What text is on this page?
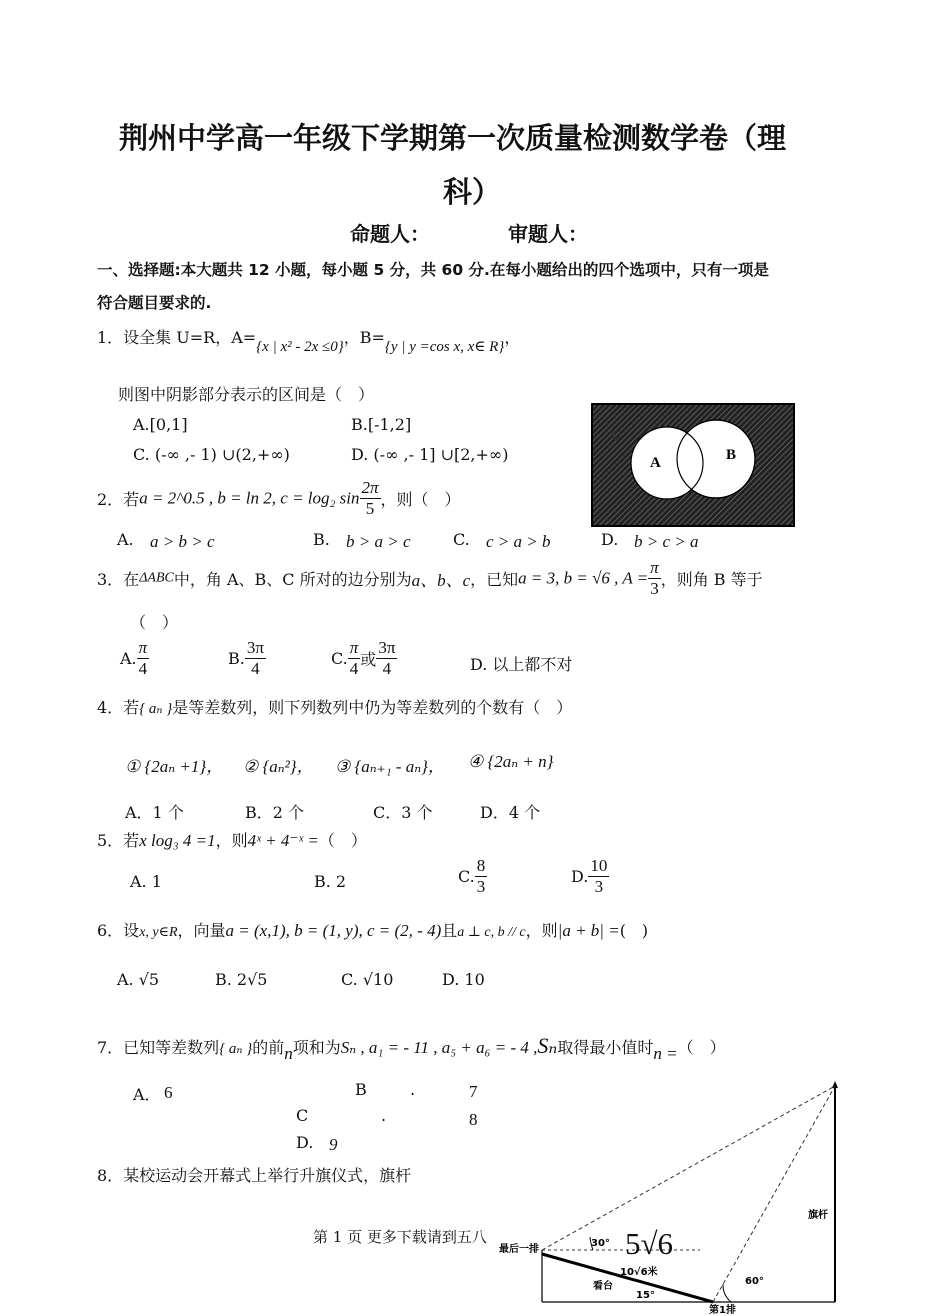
荆州中学高一年级下学期第一次质量检测数学卷（理
科）
命题人：	审题人：
一、选择题:本大题共 12 小题，每小题 5 分，共 60 分.在每小题给出的四个选项中，只有一项是
符合题目要求的.
1．设全集 U=R，A={x | x² - 2x ≤0}，B={y | y =cos x, x∈ R}，
则图中阴影部分表示的区间是（　）
A.[0,1]	B.[-1,2]
C. (-∞ ,- 1) ∪(2,+∞)	D. (-∞ ,- 1] ∪[2,+∞)
U
A	B
2．若a = 2^0.5 , b = ln 2, c = log₂ $\sin \frac{2\pi}{5}$ ，则（　）
A. a > b > c	B. b > a > c	C. c > a > b	D. b > c > a
3．在ΔABC中，角 A、B、C 所对的边分别为a、b、c，已知a = 3, b = √6 , $A = \frac{\pi}{3}$ ，则角 B 等于
（　）
A. $\frac{\pi}{4}$	B. $\frac{3\pi}{4}$	C. $\frac{\pi}{4}$ 或 $\frac{3\pi}{4}$	D. 以上都不对
4．若{ aₙ }是等差数列，则下列数列中仍为等差数列的个数有（　）
① {2aₙ +1}， ② {aₙ²}， ③ {aₙ₊₁ - aₙ}， ④ {2aₙ + n}
A．1 个	B．2 个	C．3 个	D．4 个
5．若x log₃ 4 =1，则4ˣ + 4⁻ˣ =（　）
A. 1	B. 2	C. $\frac{8}{3}$	D. $\frac{10}{3}$
6．设x, y∈R，向量a = (x,1), b = (1, y), c = (2, - 4)且a ⊥ c, b // c，则|a + b| =(　)
A. √5	B. 2√5	C. √10	D. 10
7．已知等差数列{ aₙ }的前n项和为Sₙ , a₁ = - 11 , a₅ + a₆ = - 4 ,Sₙ取得最小值时n =（　）
A． 6	B	.	7
C	.	8
D. 9
8．某校运动会开幕式上举行升旗仪式，旗杆
旗杆
最后一排
30°
10√6米
看台
15°
60°
第1排
5√6
第 1 页 更多下载请到五八
